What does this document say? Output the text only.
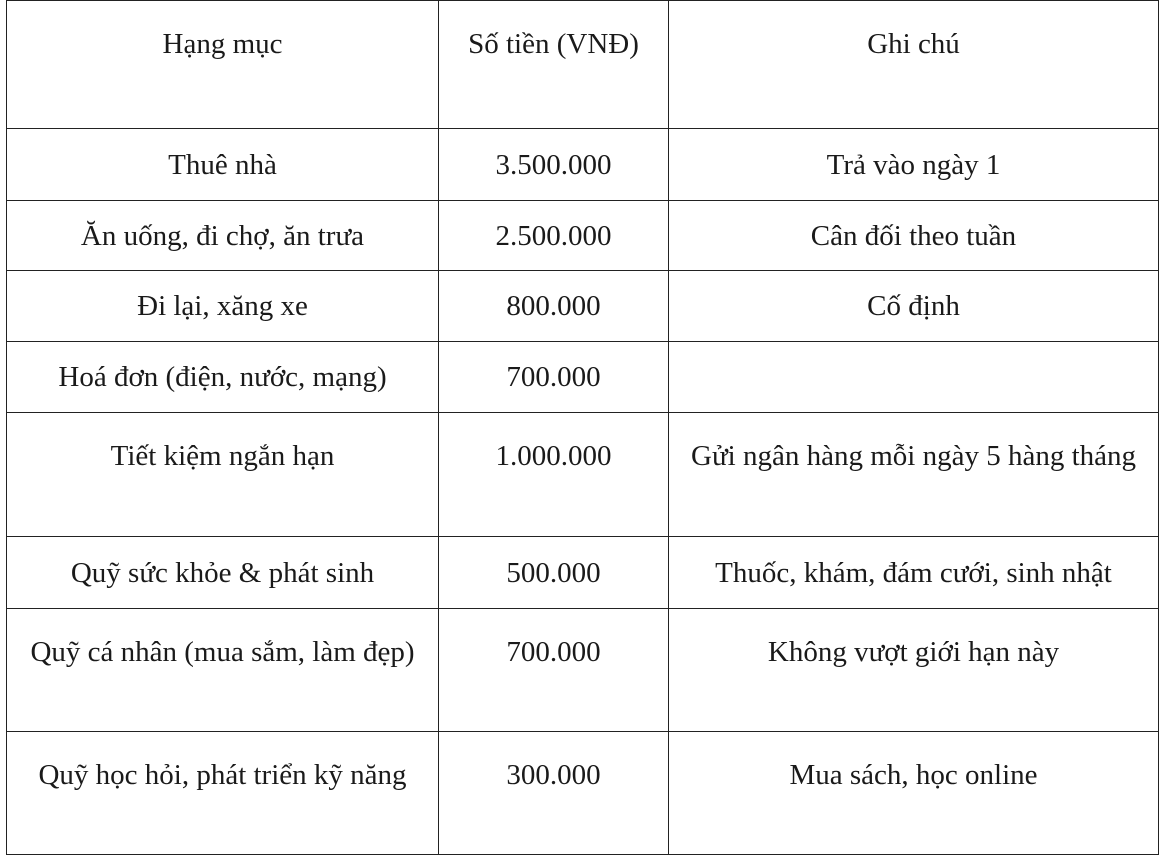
Hạng mục	Số tiền (VNĐ)	Ghi chú
Thuê nhà	3.500.000	Trả vào ngày 1
Ăn uống, đi chợ, ăn trưa	2.500.000	Cân đối theo tuần
Đi lại, xăng xe	800.000	Cố định
Hoá đơn (điện, nước, mạng)	700.000	
Tiết kiệm ngắn hạn	1.000.000	Gửi ngân hàng mỗi ngày 5 hàng tháng
Quỹ sức khỏe & phát sinh	500.000	Thuốc, khám, đám cưới, sinh nhật
Quỹ cá nhân (mua sắm, làm đẹp)	700.000	Không vượt giới hạn này
Quỹ học hỏi, phát triển kỹ năng	300.000	Mua sách, học online
